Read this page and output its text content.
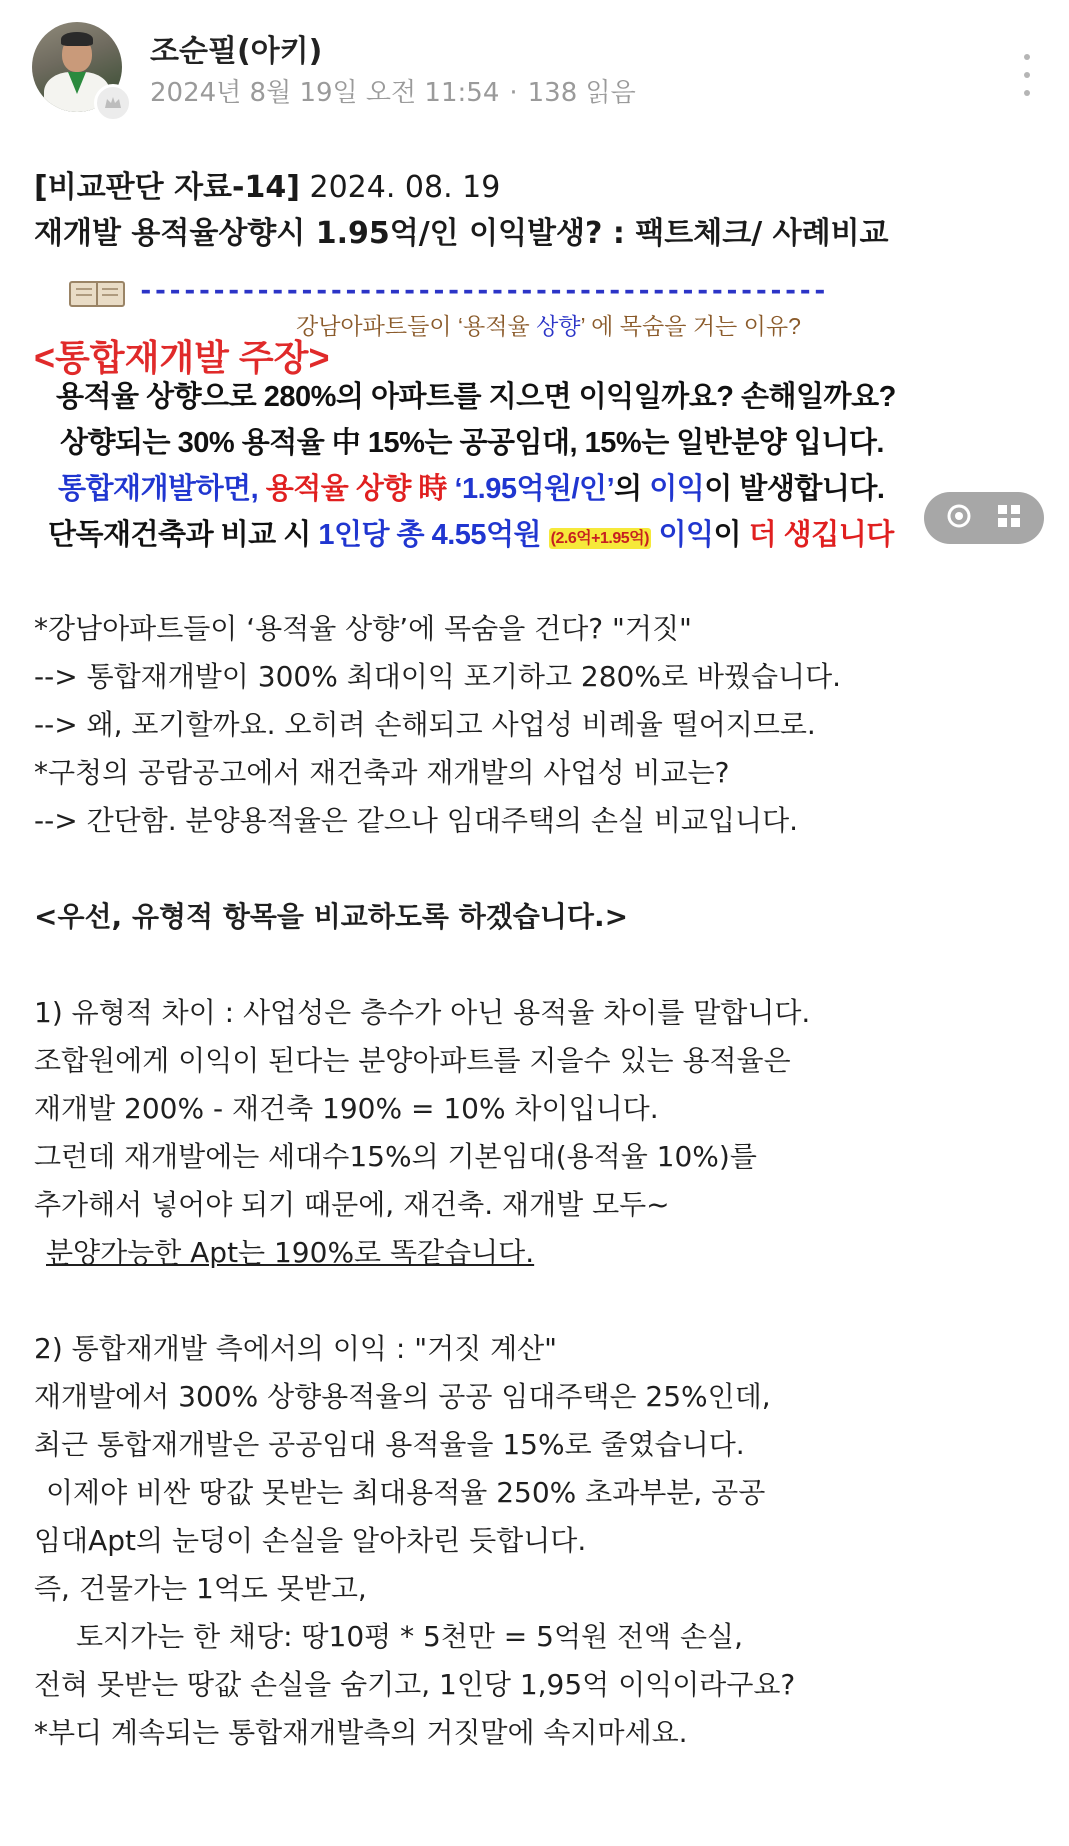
조순필(아키)
2024년 8월 19일 오전 11:54 · 138 읽음
[비교판단 자료-14] 2024. 08. 19
재개발 용적율상향시 1.95억/인 이익발생? : 팩트체크/ 사례비교
-----------------------------------------------
강남아파트들이 ‘용적율 상향’ 에 목숨을 거는 이유?
<통합재개발 주장>
용적율 상향으로 280%의 아파트를 지으면 이익일까요? 손해일까요?
상향되는 30% 용적율 中 15%는 공공임대, 15%는 일반분양 입니다.
통합재개발하면, 용적율 상향 時 ‘1.95억원/인’의 이익이 발생합니다.
단독재건축과 비교 시 1인당 총 4.55억원 (2.6억+1.95억) 이익이 더 생깁니다
*강남아파트들이 ‘용적율 상향’에 목숨을 건다? "거짓"
--> 통합재개발이 300% 최대이익 포기하고 280%로 바꿨습니다.
--> 왜, 포기할까요. 오히려 손해되고 사업성 비례율 떨어지므로.
*구청의 공람공고에서 재건축과 재개발의 사업성 비교는?
--> 간단함. 분양용적율은 같으나 임대주택의 손실 비교입니다.
<우선, 유형적 항목을 비교하도록 하겠습니다.>
1) 유형적 차이 : 사업성은 층수가 아닌 용적율 차이를 말합니다.
조합원에게 이익이 된다는 분양아파트를 지을수 있는 용적율은
재개발 200% - 재건축 190% = 10% 차이입니다.
그런데 재개발에는 세대수15%의 기본임대(용적율 10%)를
추가해서 넣어야 되기 때문에, 재건축. 재개발 모두~
분양가능한 Apt는 190%로 똑같습니다.
2) 통합재개발 측에서의 이익 : "거짓 계산"
재개발에서 300% 상향용적율의 공공 임대주택은 25%인데,
최근 통합재개발은 공공임대 용적율을 15%로 줄였습니다.
이제야 비싼 땅값 못받는 최대용적율 250% 초과부분, 공공
임대Apt의 눈덩이 손실을 알아차린 듯합니다.
즉, 건물가는 1억도 못받고,
토지가는 한 채당: 땅10평 * 5천만 = 5억원 전액 손실,
전혀 못받는 땅값 손실을 숨기고, 1인당 1,95억 이익이라구요?
*부디 계속되는 통합재개발측의 거짓말에 속지마세요.
